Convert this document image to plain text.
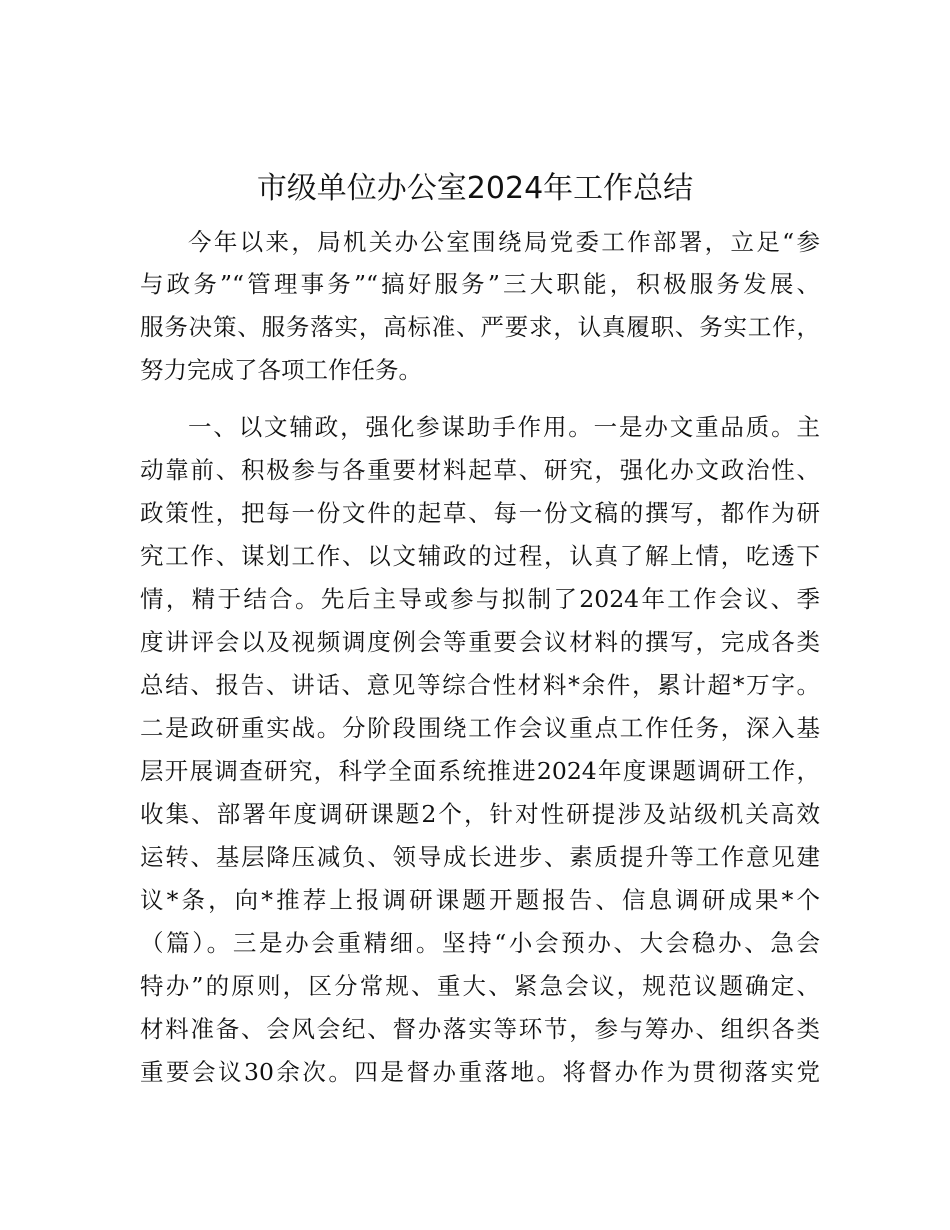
市级单位办公室2024年工作总结
今年以来，局机关办公室围绕局党委工作部署，立足“参
与政务”“管理事务”“搞好服务”三大职能，积极服务发展、
服务决策、服务落实，高标准、严要求，认真履职、务实工作，
努力完成了各项工作任务。
一、以文辅政，强化参谋助手作用。一是办文重品质。主
动靠前、积极参与各重要材料起草、研究，强化办文政治性、
政策性，把每一份文件的起草、每一份文稿的撰写，都作为研
究工作、谋划工作、以文辅政的过程，认真了解上情，吃透下
情，精于结合。先后主导或参与拟制了2024年工作会议、季
度讲评会以及视频调度例会等重要会议材料的撰写，完成各类
总结、报告、讲话、意见等综合性材料*余件，累计超*万字。
二是政研重实战。分阶段围绕工作会议重点工作任务，深入基
层开展调查研究，科学全面系统推进2024年度课题调研工作，
收集、部署年度调研课题2个，针对性研提涉及站级机关高效
运转、基层降压减负、领导成长进步、素质提升等工作意见建
议*条，向*推荐上报调研课题开题报告、信息调研成果*个
（篇）。三是办会重精细。坚持“小会预办、大会稳办、急会
特办”的原则，区分常规、重大、紧急会议，规范议题确定、
材料准备、会风会纪、督办落实等环节，参与筹办、组织各类
重要会议30余次。四是督办重落地。将督办作为贯彻落实党
